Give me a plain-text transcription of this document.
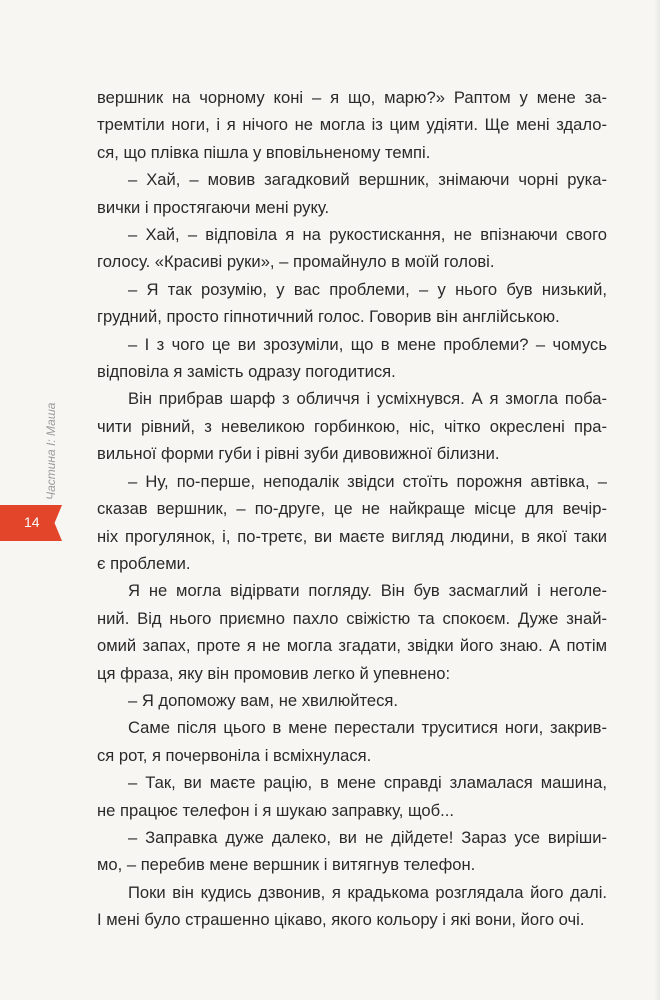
Частина I: Маша
14

вершник на чорному коні – я що, марю?» Раптом у мене за-

тремтіли ноги, і я нічого не могла із цим удіяти. Ще мені здало-

ся, що плівка пішла у вповільненому темпі.

– Хай, – мовив загадковий вершник, знімаючи чорні рука-

вички і простягаючи мені руку.

– Хай, – відповіла я на рукостискання, не впізнаючи свого

голосу. «Красиві руки», – промайнуло в моїй голові.

– Я так розумію, у вас проблеми, – у нього був низький,

грудний, просто гіпнотичний голос. Говорив він англійською.

– І з чого це ви зрозуміли, що в мене проблеми? – чомусь

відповіла я замість одразу погодитися.

Він прибрав шарф з обличчя і усміхнувся. А я змогла поба-

чити рівний, з невеликою горбинкою, ніс, чітко окреслені пра-

вильної форми губи і рівні зуби дивовижної білизни.

– Ну, по-перше, неподалік звідси стоїть порожня автівка, –

сказав вершник, – по-друге, це не найкраще місце для вечір-

ніх прогулянок, і, по-третє, ви маєте вигляд людини, в якої таки

є проблеми.

Я не могла відірвати погляду. Він був засмаглий і неголе-

ний. Від нього приємно пахло свіжістю та спокоєм. Дуже знай-

омий запах, проте я не могла згадати, звідки його знаю. А потім

ця фраза, яку він промовив легко й упевнено:

– Я допоможу вам, не хвилюйтеся.

Саме після цього в мене перестали труситися ноги, закрив-

ся рот, я почервоніла і всміхнулася.

– Так, ви маєте рацію, в мене справді зламалася машина,

не працює телефон і я шукаю заправку, щоб...

– Заправка дуже далеко, ви не дійдете! Зараз усе виріши-

мо, – перебив мене вершник і витягнув телефон.

Поки він кудись дзвонив, я крадькома розглядала його далі.

І мені було страшенно цікаво, якого кольору і які вони, його очі.
